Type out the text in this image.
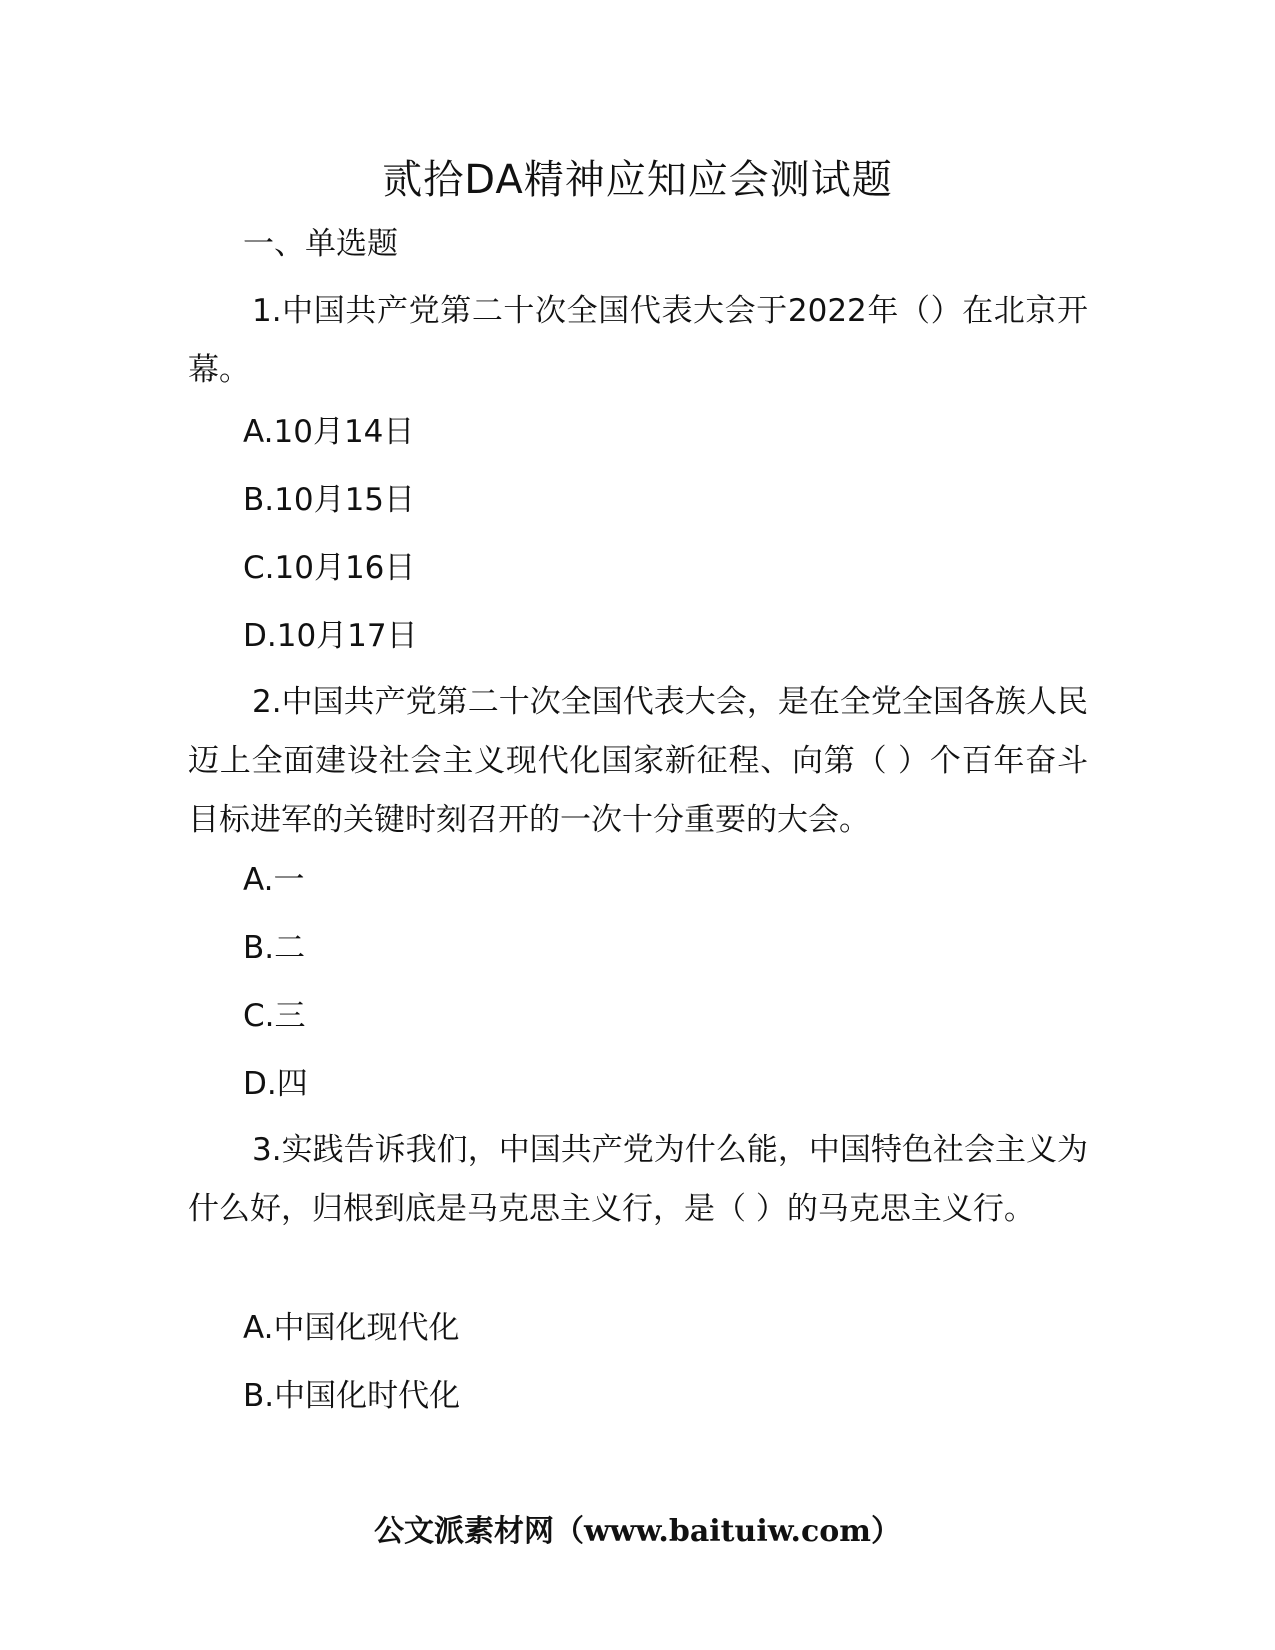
贰拾DA精神应知应会测试题

一、单选题

1.中国共产党第二十次全国代表大会于2022年（）在北京开幕。

A.10月14日

B.10月15日

C.10月16日

D.10月17日

2.中国共产党第二十次全国代表大会，是在全党全国各族人民迈上全面建设社会主义现代化国家新征程、向第（ ）个百年奋斗目标进军的关键时刻召开的一次十分重要的大会。

A.一

B.二

C.三

D.四

3.实践告诉我们，中国共产党为什么能，中国特色社会主义为什么好，归根到底是马克思主义行，是（ ）的马克思主义行。

A.中国化现代化

B.中国化时代化

公文派素材网（www.baituiw.com）
